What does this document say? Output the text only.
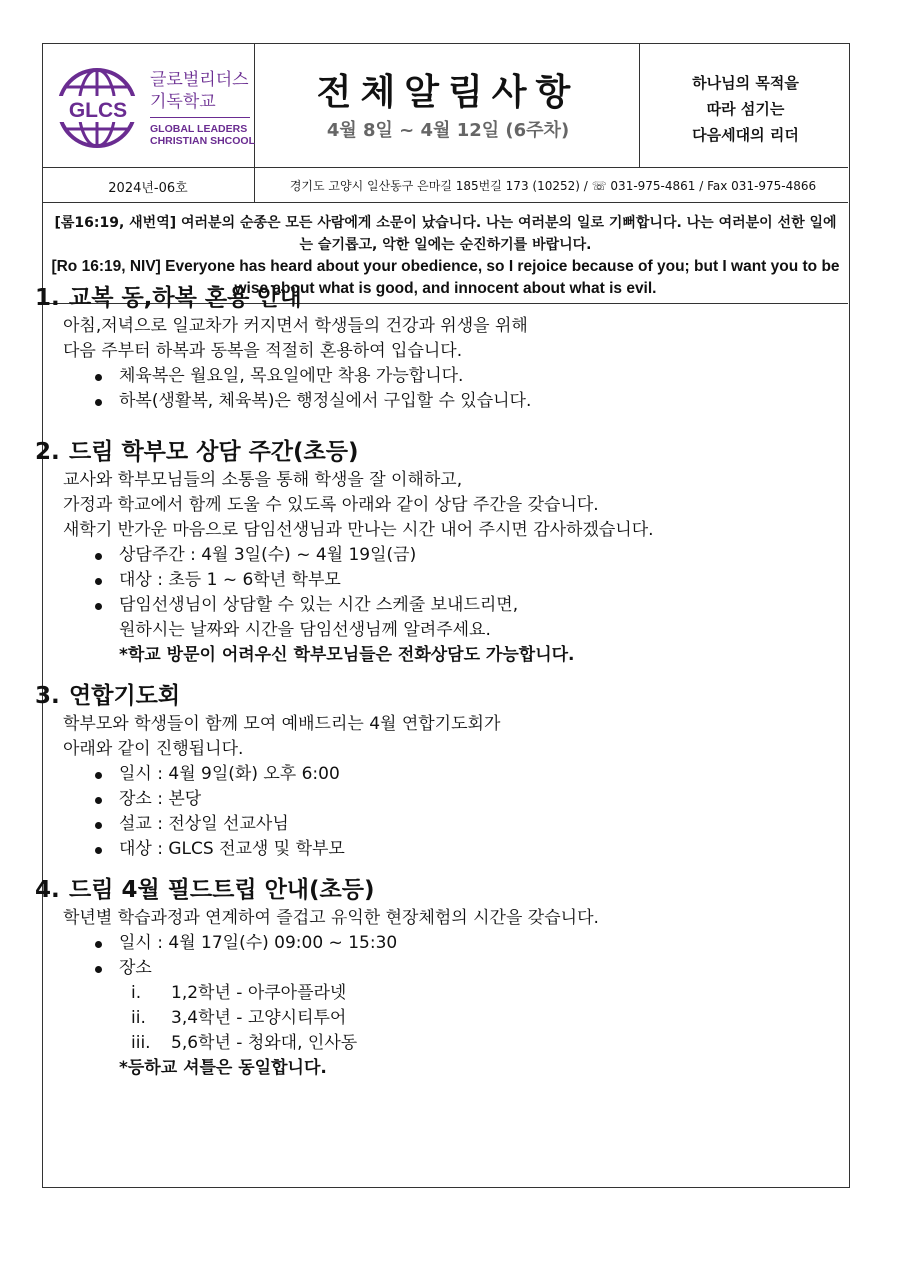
GLCS
글로벌리더스
기독학교
GLOBAL LEADERS
CHRISTIAN SHCOOL
전체알림사항
4월 8일 ~ 4월 12일 (6주차)
하나님의 목적을
따라 섬기는
다음세대의 리더
2024년-06호	경기도 고양시 일산동구 은마길 185번길 173 (10252) / ☏ 031-975-4861 / Fax 031-975-4866
[롬16:19, 새번역] 여러분의 순종은 모든 사람에게 소문이 났습니다. 나는 여러분의 일로 기뻐합니다. 나는 여러분이 선한 일에는 슬기롭고, 악한 일에는 순진하기를 바랍니다.
[Ro 16:19, NIV] Everyone has heard about your obedience, so I rejoice because of you; but I want you to be wise about what is good, and innocent about what is evil.
1. 교복 동,하복 혼용 안내
아침,저녁으로 일교차가 커지면서 학생들의 건강과 위생을 위해
다음 주부터 하복과 동복을 적절히 혼용하여 입습니다.
체육복은 월요일, 목요일에만 착용 가능합니다.
하복(생활복, 체육복)은 행정실에서 구입할 수 있습니다.
2. 드림 학부모 상담 주간(초등)
교사와 학부모님들의 소통을 통해 학생을 잘 이해하고,
가정과 학교에서 함께 도울 수 있도록 아래와 같이 상담 주간을 갖습니다.
새학기 반가운 마음으로 담임선생님과 만나는 시간 내어 주시면 감사하겠습니다.
상담주간 : 4월 3일(수) ~ 4월 19일(금)
대상 : 초등 1 ~ 6학년 학부모
담임선생님이 상담할 수 있는 시간 스케줄 보내드리면,
원하시는 날짜와 시간을 담임선생님께 알려주세요.
*학교 방문이 어려우신 학부모님들은 전화상담도 가능합니다.
3. 연합기도회
학부모와 학생들이 함께 모여 예배드리는 4월 연합기도회가
아래와 같이 진행됩니다.
일시 : 4월 9일(화) 오후 6:00
장소 : 본당
설교 : 전상일 선교사님
대상 : GLCS 전교생 및 학부모
4. 드림 4월 필드트립 안내(초등)
학년별 학습과정과 연계하여 즐겁고 유익한 현장체험의 시간을 갖습니다.
일시 : 4월 17일(수) 09:00 ~ 15:30
장소
i.	1,2학년 - 아쿠아플라넷
ii.	3,4학년 - 고양시티투어
iii.	5,6학년 - 청와대, 인사동
*등하교 셔틀은 동일합니다.
